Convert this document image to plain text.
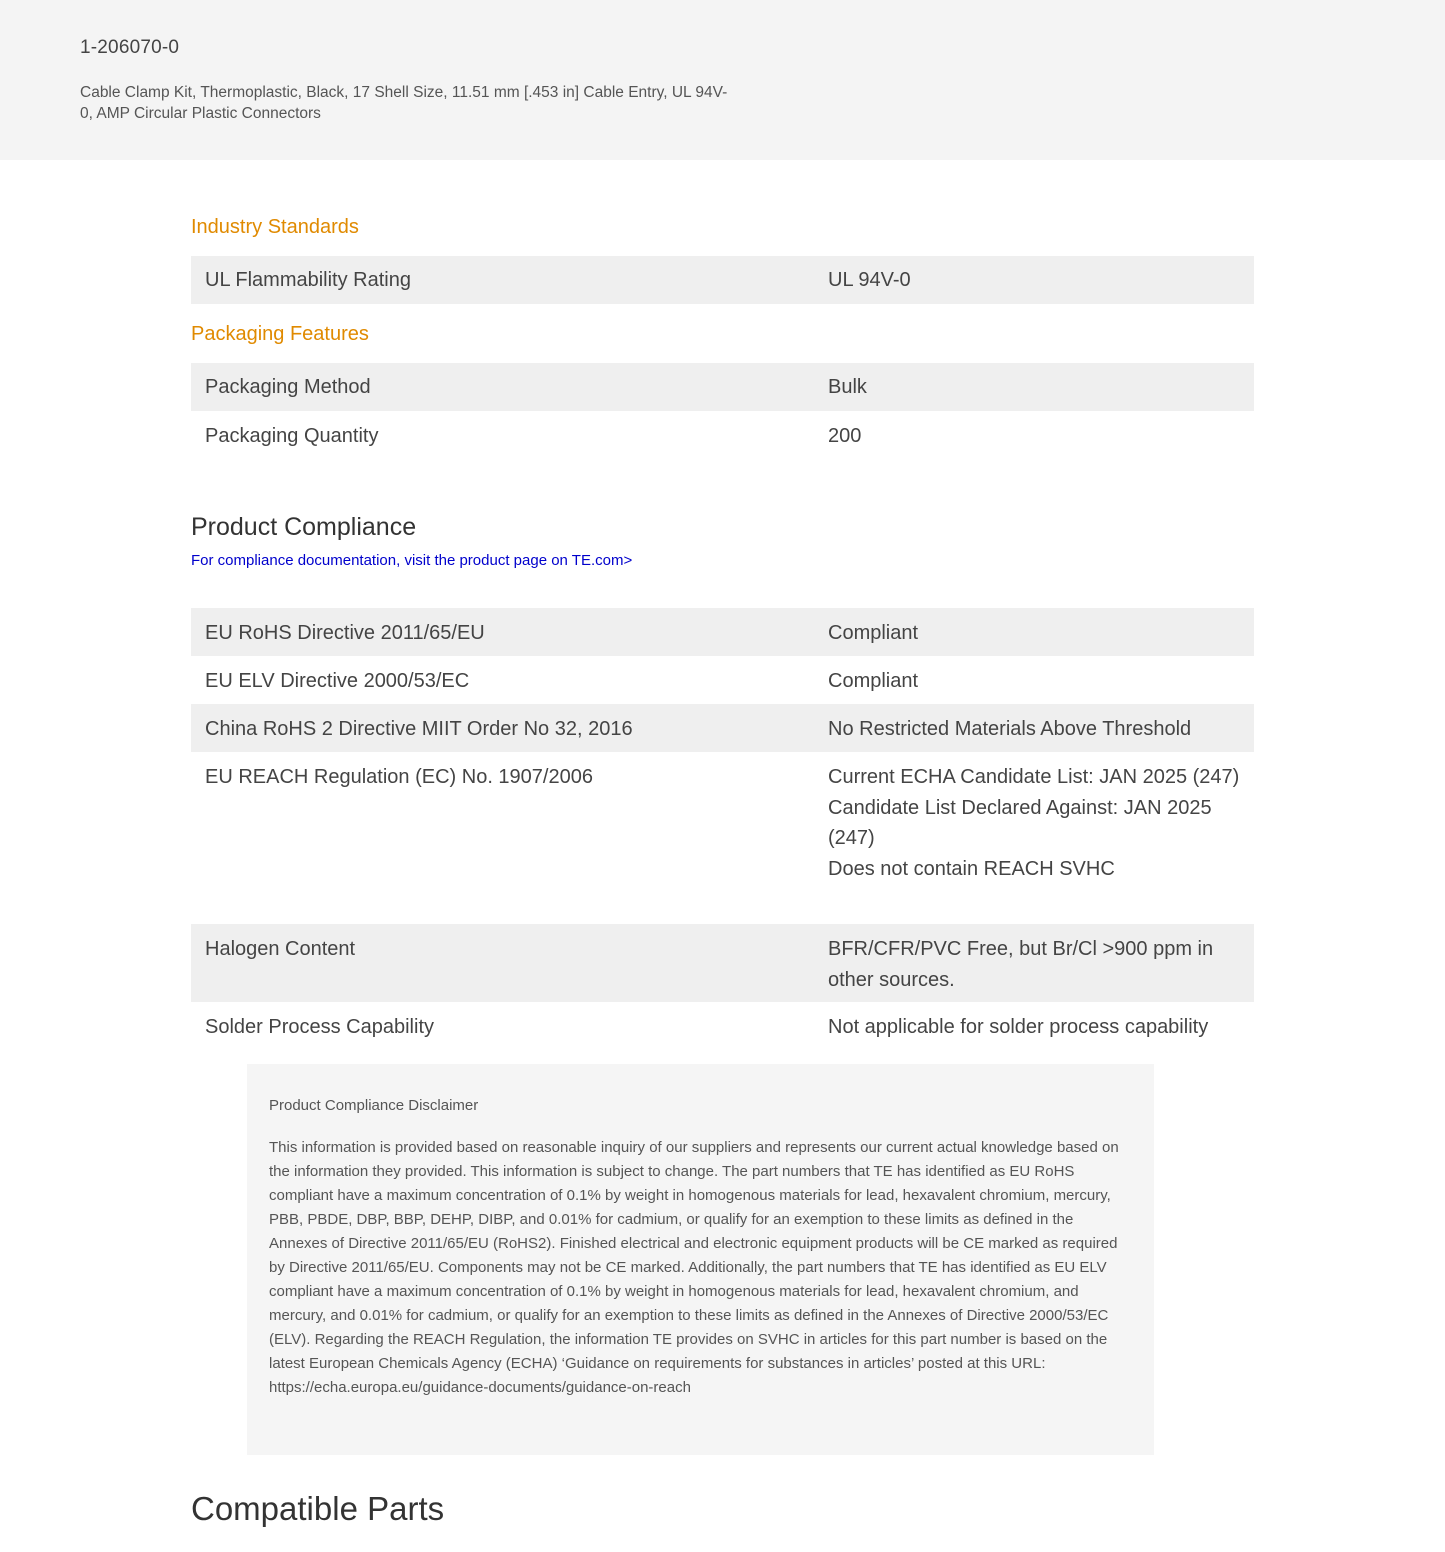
1-206070-0
Cable Clamp Kit, Thermoplastic, Black, 17 Shell Size, 11.51 mm [.453 in] Cable Entry, UL 94V-0, AMP Circular Plastic Connectors
Industry Standards
UL Flammability Rating	UL 94V-0
Packaging Features
Packaging Method	Bulk
Packaging Quantity	200
Product Compliance
For compliance documentation, visit the product page on TE.com>
EU RoHS Directive 2011/65/EU	Compliant
EU ELV Directive 2000/53/EC	Compliant
China RoHS 2 Directive MIIT Order No 32, 2016	No Restricted Materials Above Threshold
EU REACH Regulation (EC) No. 1907/2006	Current ECHA Candidate List: JAN 2025 (247)
Candidate List Declared Against: JAN 2025 (247)
Does not contain REACH SVHC
Halogen Content	BFR/CFR/PVC Free, but Br/Cl >900 ppm in other sources.
Solder Process Capability	Not applicable for solder process capability

Product Compliance Disclaimer

This information is provided based on reasonable inquiry of our suppliers and represents our current actual knowledge based on the information they provided. This information is subject to change. The part numbers that TE has identified as EU RoHS compliant have a maximum concentration of 0.1% by weight in homogenous materials for lead, hexavalent chromium, mercury, PBB, PBDE, DBP, BBP, DEHP, DIBP, and 0.01% for cadmium, or qualify for an exemption to these limits as defined in the Annexes of Directive 2011/65/EU (RoHS2). Finished electrical and electronic equipment products will be CE marked as required by Directive 2011/65/EU. Components may not be CE marked. Additionally, the part numbers that TE has identified as EU ELV compliant have a maximum concentration of 0.1% by weight in homogenous materials for lead, hexavalent chromium, and mercury, and 0.01% for cadmium, or qualify for an exemption to these limits as defined in the Annexes of Directive 2000/53/EC (ELV). Regarding the REACH Regulation, the information TE provides on SVHC in articles for this part number is based on the latest European Chemicals Agency (ECHA) ‘Guidance on requirements for substances in articles’ posted at this URL: https://echa.europa.eu/guidance-documents/guidance-on-reach

Compatible Parts
